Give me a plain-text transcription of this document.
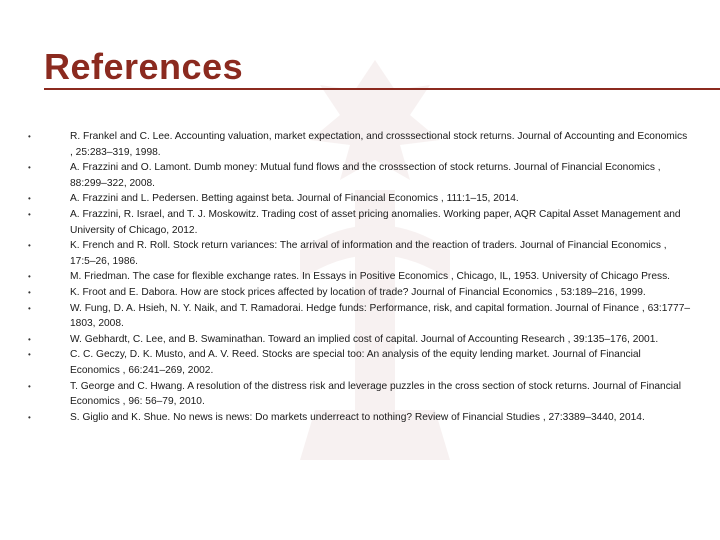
References
•	R. Frankel and C. Lee. Accounting valuation, market expectation, and crosssectional stock returns. Journal of Accounting and Economics , 25:283–319, 1998.
•	A. Frazzini and O. Lamont. Dumb money: Mutual fund flows and the crosssection of stock returns. Journal of Financial Economics , 88:299–322, 2008.
•	A. Frazzini and L. Pedersen. Betting against beta. Journal of Financial Economics , 111:1–15, 2014.
•	A. Frazzini, R. Israel, and T. J. Moskowitz. Trading cost of asset pricing anomalies. Working paper, AQR Capital Asset Management and University of Chicago, 2012.
•	K. French and R. Roll. Stock return variances: The arrival of information and the reaction of traders. Journal of Financial Economics , 17:5–26, 1986.
•	M. Friedman. The case for flexible exchange rates. In Essays in Positive Economics , Chicago, IL, 1953. University of Chicago Press.
•	K. Froot and E. Dabora. How are stock prices affected by location of trade? Journal of Financial Economics , 53:189–216, 1999.
•	W. Fung, D. A. Hsieh, N. Y. Naik, and T. Ramadorai. Hedge funds: Performance, risk, and capital formation. Journal of Finance , 63:1777–1803, 2008.
•	W. Gebhardt, C. Lee, and B. Swaminathan. Toward an implied cost of capital. Journal of Accounting Research , 39:135–176, 2001.
•	C. C. Geczy, D. K. Musto, and A. V. Reed. Stocks are special too: An analysis of the equity lending market. Journal of Financial Economics , 66:241–269, 2002.
•	T. George and C. Hwang. A resolution of the distress risk and leverage puzzles in the cross section of stock returns. Journal of Financial Economics , 96: 56–79, 2010.
•	S. Giglio and K. Shue. No news is news: Do markets underreact to nothing? Review of Financial Studies , 27:3389–3440, 2014.
